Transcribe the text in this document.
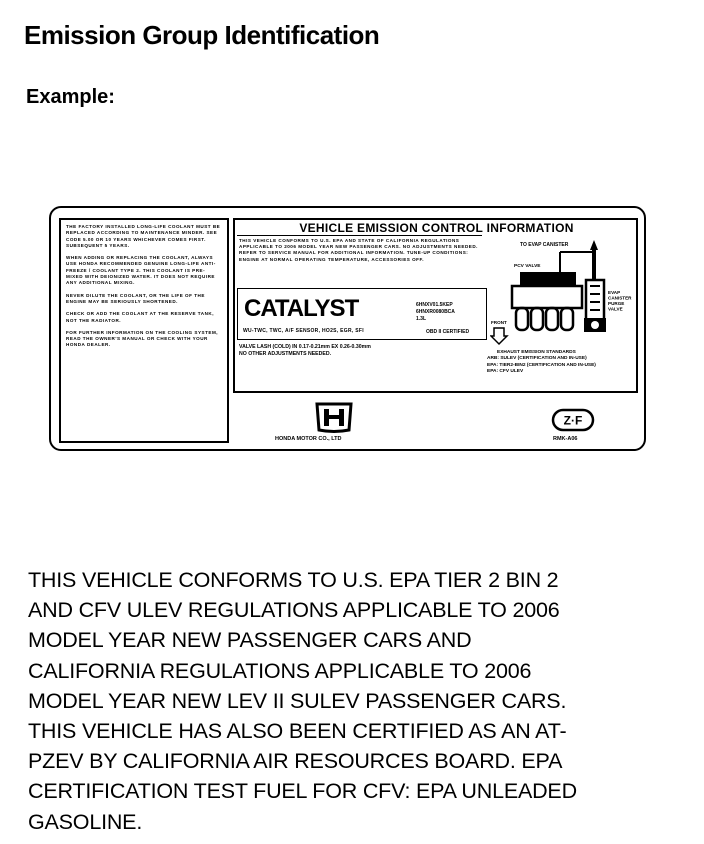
Emission Group Identification
Example:

THE FACTORY INSTALLED LONG-LIFE COOLANT MUST BE REPLACED ACCORDING TO MAINTENANCE MINDER. SEE CODE 5.00 OR 10 YEARS WHICHEVER COMES FIRST. SUBSEQUENT 5 YEARS.

WHEN ADDING OR REPLACING THE COOLANT, ALWAYS USE HONDA RECOMMENDED GENUINE LONG-LIFE ANTI-FREEZE / COOLANT TYPE 2. THIS COOLANT IS PRE-MIXED WITH DEIONIZED WATER. IT DOES NOT REQUIRE ANY ADDITIONAL MIXING.

NEVER DILUTE THE COOLANT, OR THE LIFE OF THE ENGINE MAY BE SERIOUSLY SHORTENED.

CHECK OR ADD THE COOLANT AT THE RESERVE TANK, NOT THE RADIATOR.

FOR FURTHER INFORMATION ON THE COOLING SYSTEM, READ THE OWNER'S MANUAL OR CHECK WITH YOUR HONDA DEALER.

VEHICLE EMISSION CONTROL INFORMATION
THIS VEHICLE CONFORMS TO U.S. EPA AND STATE OF CALIFORNIA REGULATIONS APPLICABLE TO 2006 MODEL YEAR NEW PASSENGER CARS. NO ADJUSTMENTS NEEDED. REFER TO SERVICE MANUAL FOR ADDITIONAL INFORMATION. TUNE-UP CONDITIONS: ENGINE AT NORMAL OPERATING TEMPERATURE, ACCESSORIES OFF.
CATALYST
WU-TWC, TWC, A/F SENSOR, HO2S, EGR, SFI
6HNXV01.5KEP
6HNXR0080BCA
1.3L
OBD II CERTIFIED
VALVE LASH (COLD) IN 0.17-0.21mm EX 0.26-0.30mm
NO OTHER ADJUSTMENTS NEEDED.
TO EVAP CANISTER
PCV VALVE
EVAP CANISTER PURGE VALVE
FRONT
EXHAUST EMISSION STANDARDS
ARB: SULEV (CERTIFICATION AND IN-USE)
EPA: TIER2-BIN2 (CERTIFICATION AND IN-USE)
EPA: CFV ULEV
HONDA MOTOR CO., LTD
Z·F
RMK-A06

THIS VEHICLE CONFORMS TO U.S. EPA TIER 2 BIN 2

AND CFV ULEV REGULATIONS APPLICABLE TO 2006

MODEL YEAR NEW PASSENGER CARS AND

CALIFORNIA REGULATIONS APPLICABLE TO 2006

MODEL YEAR NEW LEV II SULEV PASSENGER CARS.

THIS VEHICLE HAS ALSO BEEN CERTIFIED AS AN AT-

PZEV BY CALIFORNIA AIR RESOURCES BOARD. EPA

CERTIFICATION TEST FUEL FOR CFV: EPA UNLEADED

GASOLINE.
